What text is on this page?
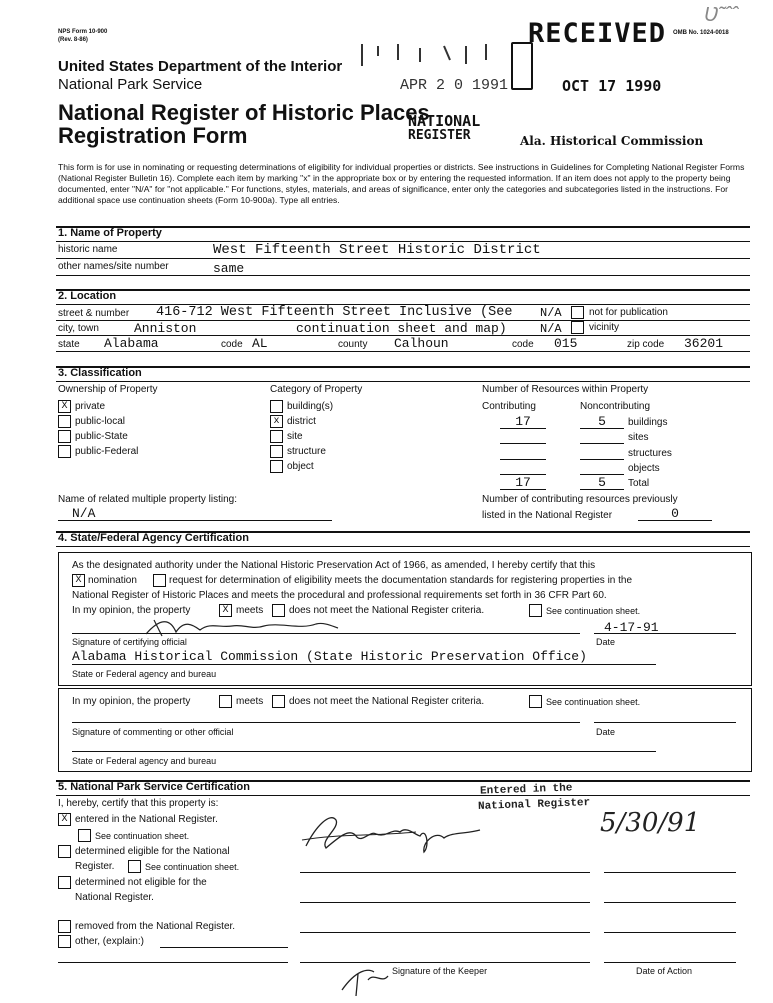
NPS Form 10-900
(Rev. 8-86)
OMB No. 1024-0018
United States Department of the Interior
National Park Service
National Register of Historic Places
Registration Form
RECEIVED
APR 2 0 1991	OCT 17 1990
NATIONAL
REGISTER	Ala. Historical Commission
Ʋ˜ˆˆ
This form is for use in nominating or requesting determinations of eligibility for individual properties or districts. See instructions in Guidelines for Completing National Register Forms (National Register Bulletin 16). Complete each item by marking "x" in the appropriate box or by entering the requested information. If an item does not apply to the property being documented, enter "N/A" for "not applicable." For functions, styles, materials, and areas of significance, enter only the categories and subcategories listed in the instructions. For additional space use continuation sheets (Form 10-900a). Type all entries.
1. Name of Property
historic name	West Fifteenth Street Historic District
other names/site number	same
2. Location
street & number 416-712 West Fifteenth Street Inclusive (See N/A	not for publication
city, town	Anniston	continuation sheet and map)	N/A	vicinity
state Alabama	code AL	county Calhoun	code 015	zip code 36201
3. Classification
Ownership of Property
X private
public-local
public-State
public-Federal
Category of Property
building(s)
x district
site
structure
object
Number of Resources within Property
Contributing	Noncontributing
17	5	buildings
sites
structures
objects
17	5	Total
Name of related multiple property listing:
N/A
Number of contributing resources previously
listed in the National Register	0
4. State/Federal Agency Certification
As the designated authority under the National Historic Preservation Act of 1966, as amended, I hereby certify that this
X nomination	request for determination of eligibility meets the documentation standards for registering properties in the
National Register of Historic Places and meets the procedural and professional requirements set forth in 36 CFR Part 60.
In my opinion, the property	X meets	does not meet the National Register criteria.	See continuation sheet.
4-17-91
Signature of certifying official	Date
Alabama Historical Commission (State Historic Preservation Office)
State or Federal agency and bureau
In my opinion, the property	meets	does not meet the National Register criteria.	See continuation sheet.
Signature of commenting or other official	Date
State or Federal agency and bureau
5. National Park Service Certification
I, hereby, certify that this property is:
Entered in the
National Register
X entered in the National Register.
See continuation sheet.
determined eligible for the National
Register.	See continuation sheet.
determined not eligible for the
National Register.
removed from the National Register.
other, (explain:)
5/30/91
Signature of the Keeper	Date of Action
